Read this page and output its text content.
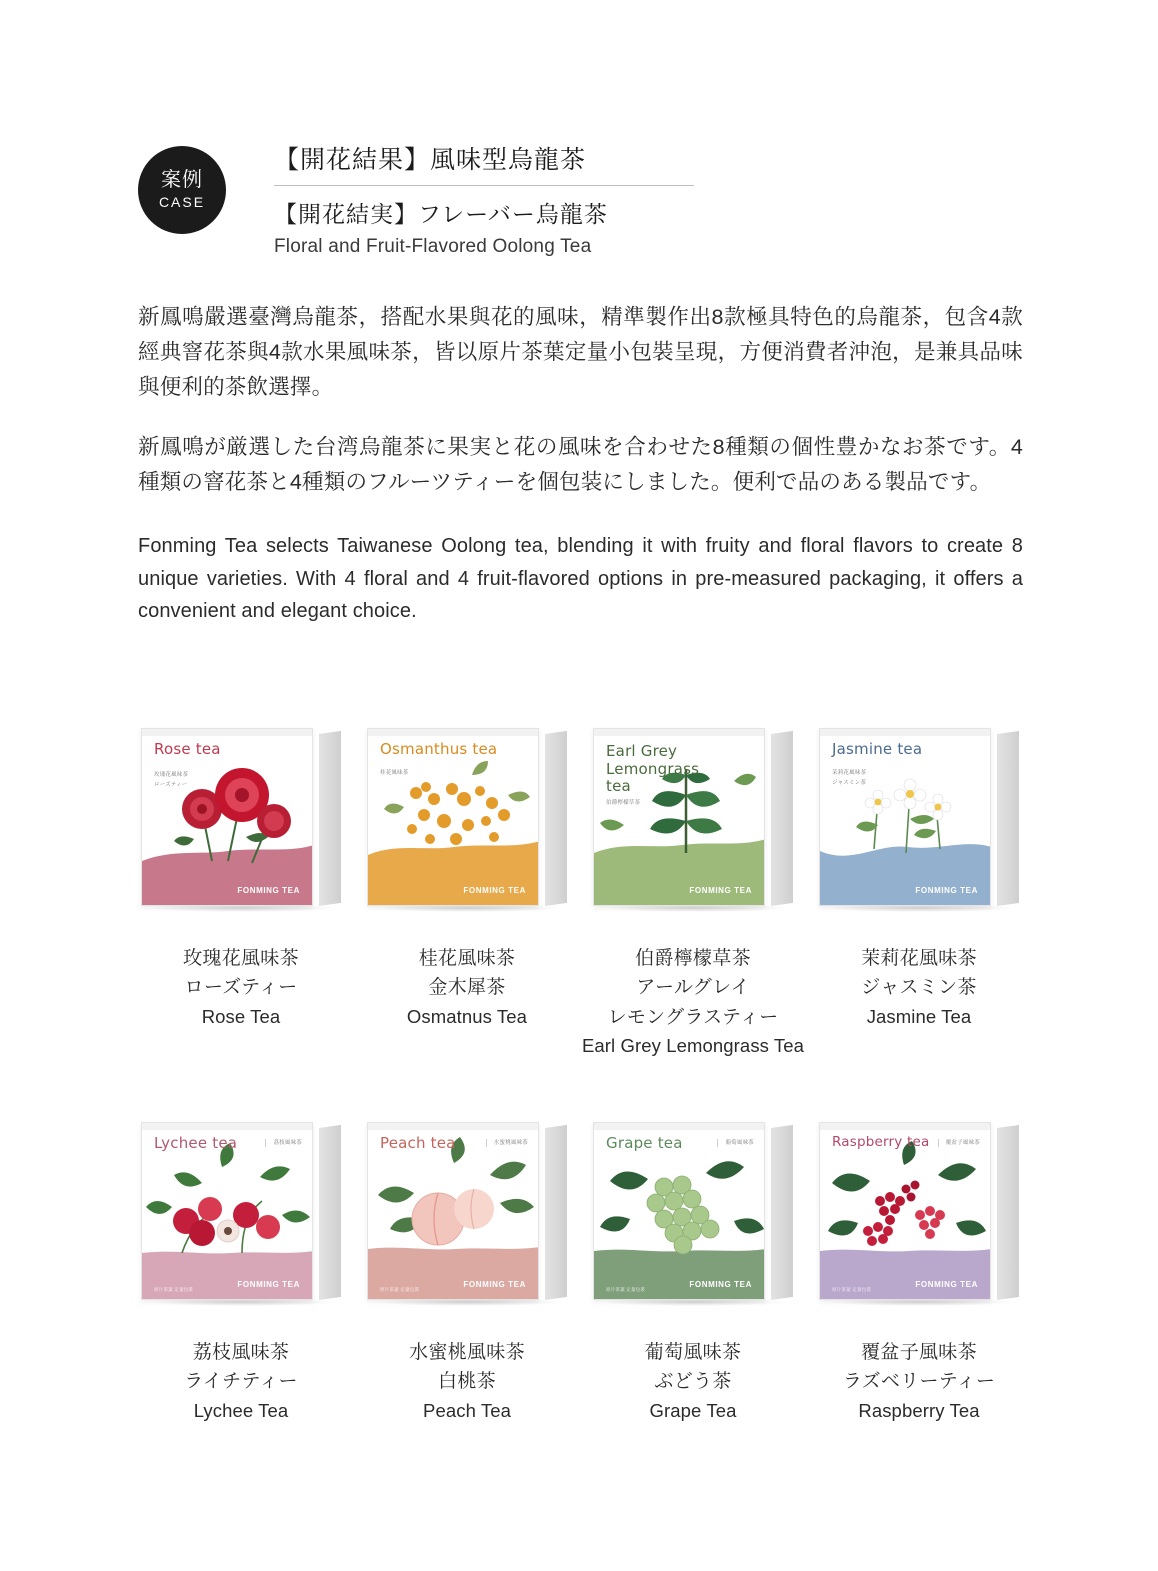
案例
CASE
【開花結果】風味型烏龍茶
【開花結実】フレーバー烏龍茶
Floral and Fruit-Flavored Oolong Tea

新鳳鳴嚴選臺灣烏龍茶，搭配水果與花的風味，精準製作出8款極具特色的烏龍茶，包含4款經典窨花茶與4款水果風味茶，皆以原片茶葉定量小包裝呈現，方便消費者沖泡，是兼具品味與便利的茶飲選擇。

新鳳鳴が厳選した台湾烏龍茶に果実と花の風味を合わせた8種類の個性豊かなお茶です。4種類の窨花茶と4種類のフルーツティーを個包装にしました。便利で品のある製品です。

Fonming Tea selects Taiwanese Oolong tea, blending it with fruity and floral flavors to create 8 unique varieties. With 4 floral and 4 fruit-flavored options in pre-measured packaging, it offers a convenient and elegant choice.

Rose tea
玫瑰花風味茶
ローズティー
FONMING TEA
玫瑰花風味茶
ローズティー
Rose Tea
Osmanthus tea
桂花風味茶
FONMING TEA
桂花風味茶
金木犀茶
Osmatnus Tea
Earl Grey Lemongrass tea
伯爵檸檬草茶
FONMING TEA
伯爵檸檬草茶
アールグレイ
レモングラスティー
Earl Grey Lemongrass Tea
Jasmine tea
茉莉花風味茶
ジャスミン茶
FONMING TEA
茉莉花風味茶
ジャスミン茶
Jasmine Tea
Lychee tea	荔枝風味茶
FONMING TEA
原片茶葉 定量包裝
荔枝風味茶
ライチティー
Lychee Tea
Peach tea	水蜜桃風味茶
FONMING TEA
原片茶葉 定量包裝
水蜜桃風味茶
白桃茶
Peach Tea
Grape tea	葡萄風味茶
FONMING TEA
原片茶葉 定量包裝
葡萄風味茶
ぶどう茶
Grape Tea
Raspberry tea	覆盆子風味茶
FONMING TEA
原片茶葉 定量包裝
覆盆子風味茶
ラズベリーティー
Raspberry Tea
